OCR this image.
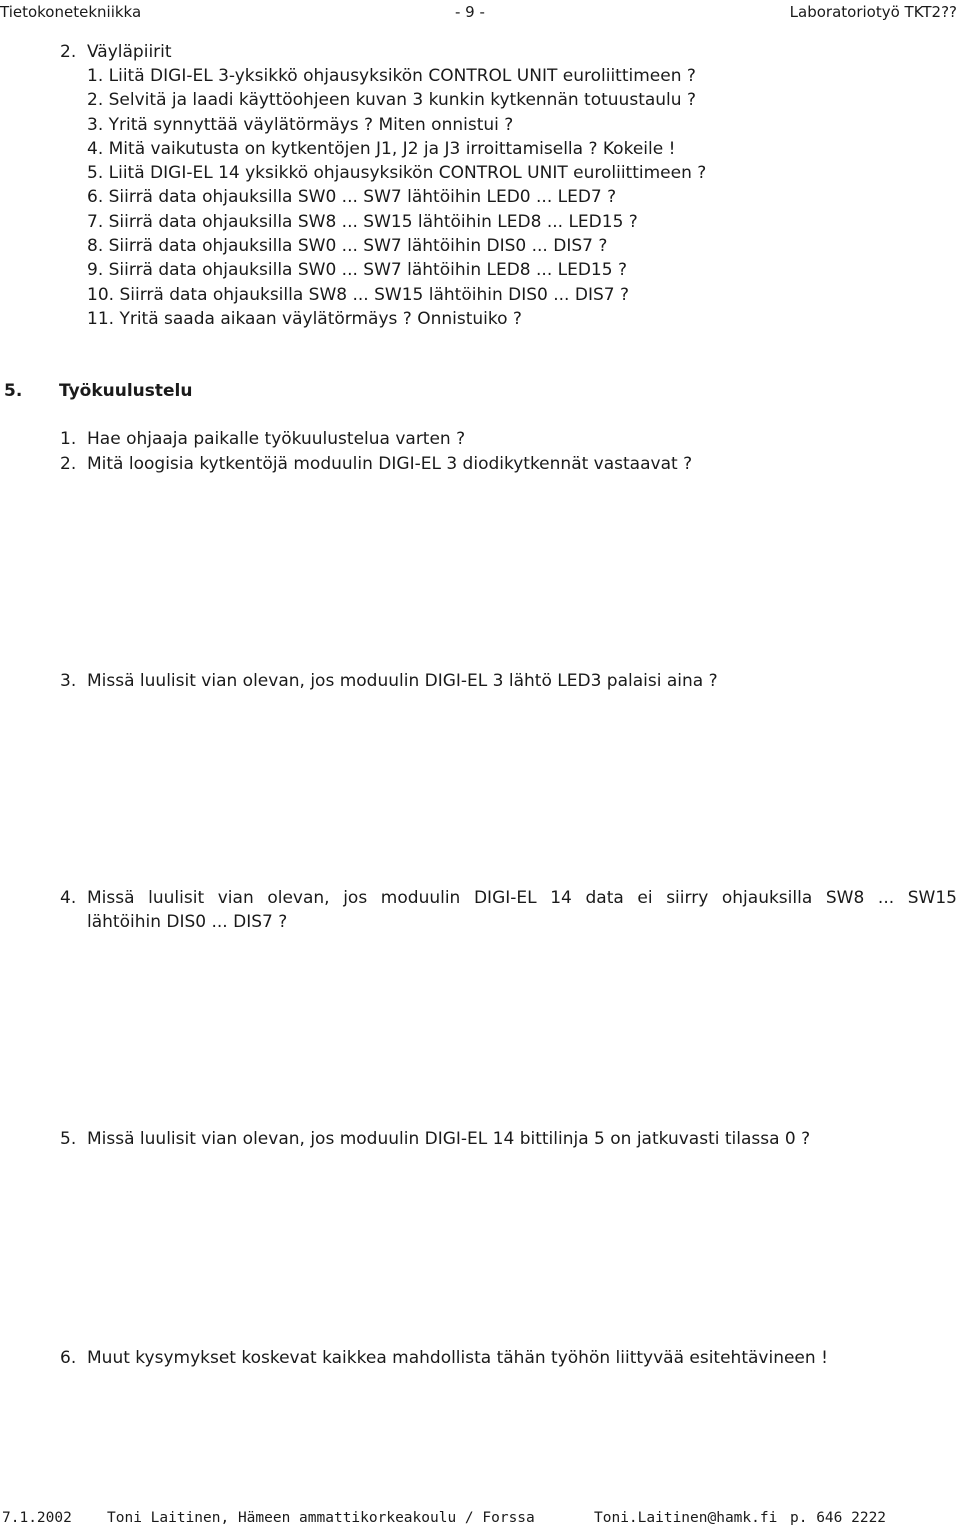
Tietokonetekniikka	- 9 -	Laboratoriotyö TKT2??
2. Väyläpiirit
1. Liitä DIGI-EL 3-yksikkö ohjausyksikön CONTROL UNIT euroliittimeen ?
2. Selvitä ja laadi käyttöohjeen kuvan 3 kunkin kytkennän totuustaulu ?
3. Yritä synnyttää väylätörmäys ? Miten onnistui ?
4. Mitä vaikutusta on kytkentöjen J1, J2 ja J3 irroittamisella ? Kokeile !
5. Liitä DIGI-EL 14 yksikkö ohjausyksikön CONTROL UNIT euroliittimeen ?
6. Siirrä data ohjauksilla SW0 ... SW7 lähtöihin LED0 ... LED7 ?
7. Siirrä data ohjauksilla SW8 ... SW15 lähtöihin LED8 ... LED15 ?
8. Siirrä data ohjauksilla SW0 ... SW7 lähtöihin DIS0 ... DIS7 ?
9. Siirrä data ohjauksilla SW0 ... SW7 lähtöihin LED8 ... LED15 ?
10. Siirrä data ohjauksilla SW8 ... SW15 lähtöihin DIS0 ... DIS7 ?
11. Yritä saada aikaan väylätörmäys ? Onnistuiko ?
5. Työkuulustelu
1. Hae ohjaaja paikalle työkuulustelua varten ?
2. Mitä loogisia kytkentöjä moduulin DIGI-EL 3 diodikytkennät vastaavat ?
3. Missä luulisit vian olevan, jos moduulin DIGI-EL 3 lähtö LED3 palaisi aina ?
4. Missä luulisit vian olevan, jos moduulin DIGI-EL 14 data ei siirry ohjauksilla SW8 ... SW15
lähtöihin DIS0 ... DIS7 ?
5. Missä luulisit vian olevan, jos moduulin DIGI-EL 14 bittilinja 5 on jatkuvasti tilassa 0 ?
6. Muut kysymykset koskevat kaikkea mahdollista tähän työhön liittyvää esitehtävineen !
7.1.2002 Toni Laitinen, Hämeen ammattikorkeakoulu / Forssa	Toni.Laitinen@hamk.fi p. 646 2222
